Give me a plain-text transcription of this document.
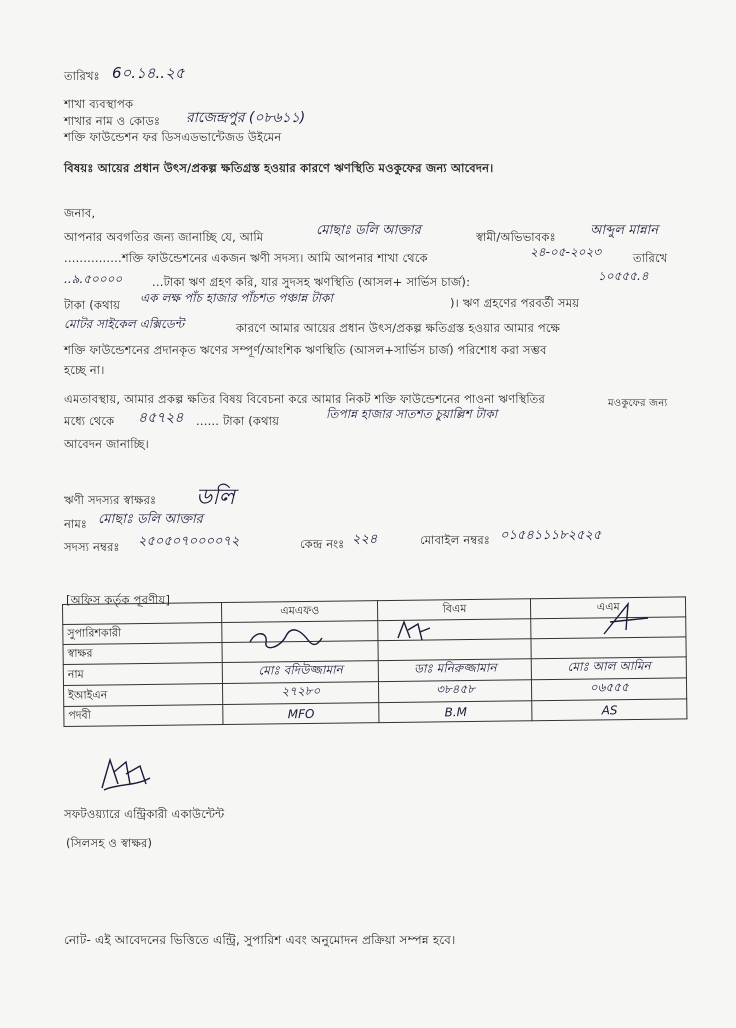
তারিখঃ 6০.১৪..২৫
শাখা ব্যবস্থাপক
শাখার নাম ও কোডঃ রাজেন্দ্রপুর (০৮৬১১)
শক্তি ফাউন্ডেশন ফর ডিসএডভান্টেজড উইমেন
বিষয়ঃ আয়ের প্রধান উৎস/প্রকল্প ক্ষতিগ্রস্ত হওয়ার কারণে ঋণস্থিতি মওকুফের জন্য আবেদন।
জনাব,
আপনার অবগতির জন্য জানাচ্ছি যে, আমি	মোছাঃ ডলি আক্তার	স্বামী/অভিভাবকঃ	আব্দুল মান্নান
...............শক্তি ফাউন্ডেশনের একজন ঋণী সদস্য। আমি আপনার শাখা থেকে	২৪-০৫-২০২৩	তারিখে
..৯.৫০০০০	...টাকা ঋণ গ্রহণ করি, যার সুদসহ ঋণস্থিতি (আসল+ সার্ভিস চার্জ):	১০৫৫৫.৪
টাকা (কথায় এক লক্ষ পাঁচ হাজার পাঁচশত পঞ্চান্ন টাকা	)। ঋণ গ্রহণের পরবর্তী সময়
মোটর সাইকেল এক্সিডেন্ট	কারণে আমার আয়ের প্রধান উৎস/প্রকল্প ক্ষতিগ্রস্ত হওয়ার আমার পক্ষে
শক্তি ফাউন্ডেশনের প্রদানকৃত ঋণের সম্পূর্ণ/আংশিক ঋণস্থিতি (আসল+সার্ভিস চার্জ) পরিশোধ করা সম্ভব
হচ্ছে না।
এমতাবস্থায়, আমার প্রকল্প ক্ষতির বিষয় বিবেচনা করে আমার নিকট শক্তি ফাউন্ডেশনের পাওনা ঋণস্থিতির
মধ্যে থেকে ৪৫৭২৪ ...... টাকা (কথায়	তিপান্ন হাজার সাতশত চুয়াল্লিশ টাকা
মওকুফের জন্য
আবেদন জানাচ্ছি।
ঋণী সদস্যর স্বাক্ষরঃ ডলি
নামঃ মোছাঃ ডলি আক্তার
সদস্য নম্বরঃ ২৫০৫০৭০০০০৭২	কেন্দ্র নংঃ ২২৪	মোবাইল নম্বরঃ ০১৫৪১১১৮২৫২৫
[অফিস কর্তৃক পূরণীয়]
	এমএফও	বিএম	এএম
সুপারিশকারী			
স্বাক্ষর			
নাম	মোঃ বদিউজ্জামান	ডাঃ মনিরুজ্জামান	মোঃ আল আমিন
ইআইএন	২৭২৮০	৩৮৪৫৮	০৬৫৫৫
পদবী	MFO	B.M	AS
সফটওয়্যারে এন্ট্রিকারী একাউন্টেন্ট
(সিলসহ ও স্বাক্ষর)
নোট- এই আবেদনের ভিত্তিতে এন্ট্রি, সুপারিশ এবং অনুমোদন প্রক্রিয়া সম্পন্ন হবে।
